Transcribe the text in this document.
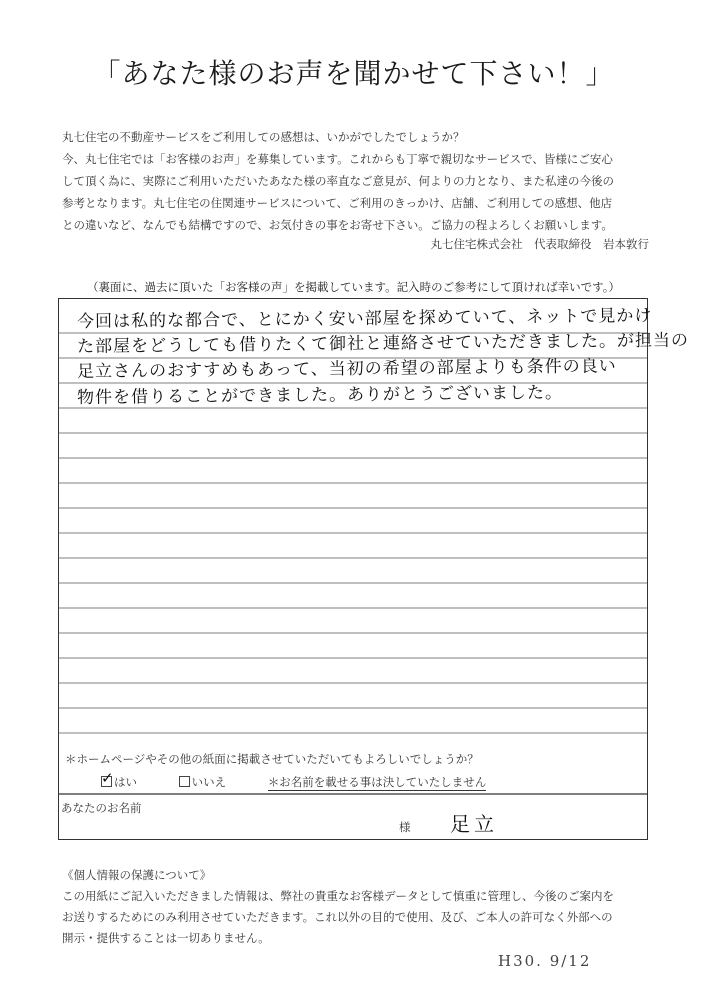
「あなた様のお声を聞かせて下さい！」

丸七住宅の不動産サービスをご利用しての感想は、いかがでしたでしょうか？

今、丸七住宅では「お客様のお声」を募集しています。これからも丁寧で親切なサービスで、皆様にご安心

して頂く為に、実際にご利用いただいたあなた様の率直なご意見が、何よりの力となり、また私達の今後の

参考となります。丸七住宅の住関連サービスについて、ご利用のきっかけ、店舗、ご利用しての感想、他店

との違いなど、なんでも結構ですので、お気付きの事をお寄せ下さい。ご協力の程よろしくお願いします。

丸七住宅株式会社　代表取締役　岩本敦行
（裏面に、過去に頂いた「お客様の声」を掲載しています。記入時のご参考にして頂ければ幸いです。）
今回は私的な都合で、とにかく安い部屋を探めていて、ネットで見かけ
た部屋をどうしても借りたくて御社と連絡させていただきました。が担当の
足立さんのおすすめもあって、当初の希望の部屋よりも条件の良い
物件を借りることができました。ありがとうございました。
＊ホームページやその他の紙面に掲載させていただいてもよろしいでしょうか？
✓はい	いいえ	＊お名前を載せる事は決していたしません
あなたのお名前
様 足立

《個人情報の保護について》

この用紙にご記入いただきました情報は、弊社の貴重なお客様データとして慎重に管理し、今後のご案内を

お送りするためにのみ利用させていただきます。これ以外の目的で使用、及び、ご本人の許可なく外部への

開示・提供することは一切ありません。

H30. 9/12
